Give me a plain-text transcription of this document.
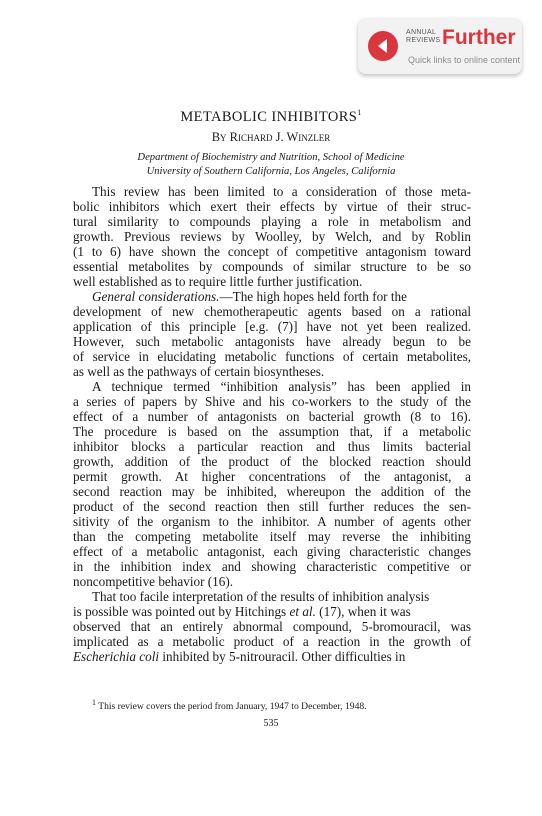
ANNUAL REVIEWS Further
Quick links to online content
METABOLIC INHIBITORS$^1$
By Richard J. Winzler
Department of Biochemistry and Nutrition, School of Medicine
University of Southern California, Los Angeles, California
This review has been limited to a consideration of those meta-
bolic inhibitors which exert their effects by virtue of their struc-
tural similarity to compounds playing a role in metabolism and
growth. Previous reviews by Woolley, by Welch, and by Roblin
(1 to 6) have shown the concept of competitive antagonism toward
essential metabolites by compounds of similar structure to be so
well established as to require little further justification.
General considerations.—The high hopes held forth for the
development of new chemotherapeutic agents based on a rational
application of this principle [e.g. (7)] have not yet been realized.
However, such metabolic antagonists have already begun to be
of service in elucidating metabolic functions of certain metabolites,
as well as the pathways of certain biosyntheses.
A technique termed “inhibition analysis” has been applied in
a series of papers by Shive and his co-workers to the study of the
effect of a number of antagonists on bacterial growth (8 to 16).
The procedure is based on the assumption that, if a metabolic
inhibitor blocks a particular reaction and thus limits bacterial
growth, addition of the product of the blocked reaction should
permit growth. At higher concentrations of the antagonist, a
second reaction may be inhibited, whereupon the addition of the
product of the second reaction then still further reduces the sen-
sitivity of the organism to the inhibitor. A number of agents other
than the competing metabolite itself may reverse the inhibiting
effect of a metabolic antagonist, each giving characteristic changes
in the inhibition index and showing characteristic competitive or
noncompetitive behavior (16).
That too facile interpretation of the results of inhibition analysis
is possible was pointed out by Hitchings et al. (17), when it was
observed that an entirely abnormal compound, 5-bromouracil, was
implicated as a metabolic product of a reaction in the growth of
Escherichia coli inhibited by 5-nitrouracil. Other difficulties in
$^1$ This review covers the period from January, 1947 to December, 1948.
535
